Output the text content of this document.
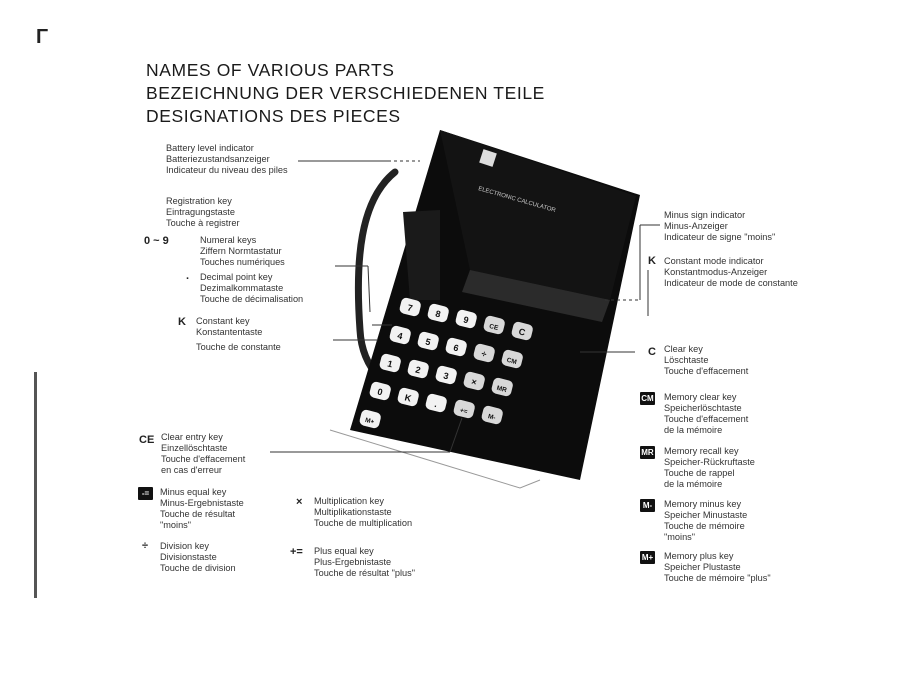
Γ
NAMES OF VARIOUS PARTS
BEZEICHNUNG DER VERSCHIEDENEN TEILE
DESIGNATIONS DES PIECES
ELECTRONIC CALCULATOR
7
8
9
CE C
4
5
6
÷
CM
1
2
3
×
MR
0
K
.
+=
M-
M+
Battery level indicator
Batteriezustandsanzeiger
Indicateur du niveau des piles
Registration key
Eintragungstaste
Touche à registrer
0 ~ 9	Numeral keys
Ziffern Normtastatur
Touches numériques
. Decimal point key
Dezimalkommataste
Touche de décimalisation
K Constant key
Konstantentaste
Touche de constante
CE Clear entry key
Einzellöschtaste
Touche d'effacement
en cas d'erreur
Minus sign indicator
Minus-Anzeiger
Indicateur de signe "moins"
K Constant mode indicator
Konstantmodus-Anzeiger
Indicateur de mode de constante
C Clear key
Löschtaste
Touche d'effacement
CM Memory clear key
Speicherlöschtaste
Touche d'effacement
de la mémoire
MR Memory recall key
Speicher-Rückruftaste
Touche de rappel
de la mémoire
M-	Memory minus key
Speicher Minustaste
Touche de mémoire
"moins"
M+ Memory plus key
Speicher Plustaste
Touche de mémoire "plus"
-=	Minus equal key
Minus-Ergebnistaste
Touche de résultat
"moins"
÷ Division key
Divisionstaste
Touche de division
× Multiplication key
Multiplikationstaste
Touche de multiplication
+= Plus equal key
Plus-Ergebnistaste
Touche de résultat "plus"
